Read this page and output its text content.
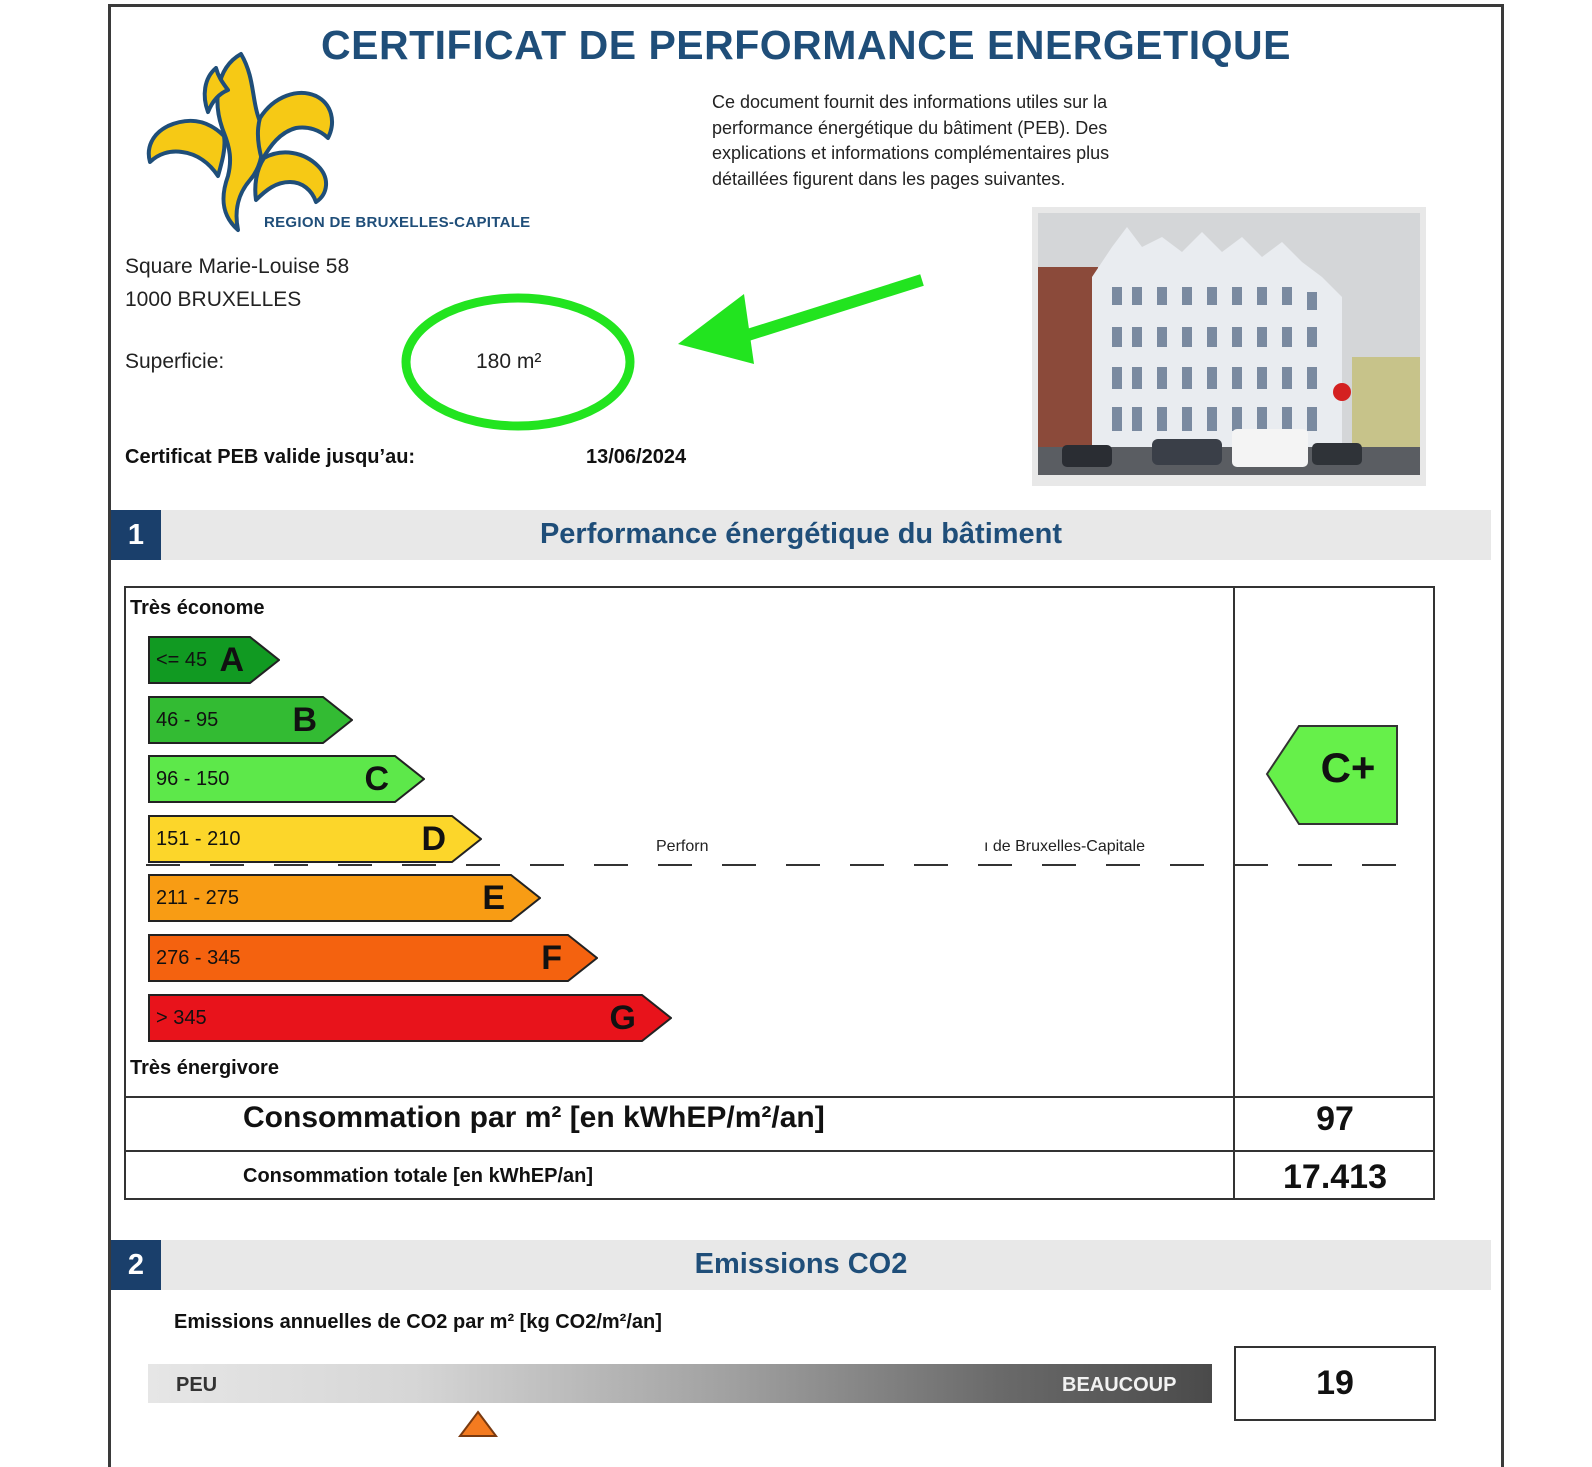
CERTIFICAT DE PERFORMANCE ENERGETIQUE
REGION DE BRUXELLES-CAPITALE
Ce document fournit des informations utiles sur la performance énergétique du bâtiment (PEB). Des explications et informations complémentaires plus détaillées figurent dans les pages suivantes.
Square Marie-Louise 58
1000 BRUXELLES
Superficie:	180 m²
Certificat PEB valide jusqu’au:	13/06/2024
Performance énergétique du bâtiment
1
Très économe
Très énergivore
<= 45 A
46 - 95 B
96 - 150	C
151 - 210	D
211 - 275	E
276 - 345	F
> 345	G
Perforn	ı de Bruxelles-Capitale
C+
Consommation par m² [en kWhEP/m²/an]	97
Consommation totale [en kWhEP/an]	17.413
Emissions CO2
2
Emissions annuelles de CO2 par m² [kg CO2/m²/an]
PEU	BEAUCOUP	19
